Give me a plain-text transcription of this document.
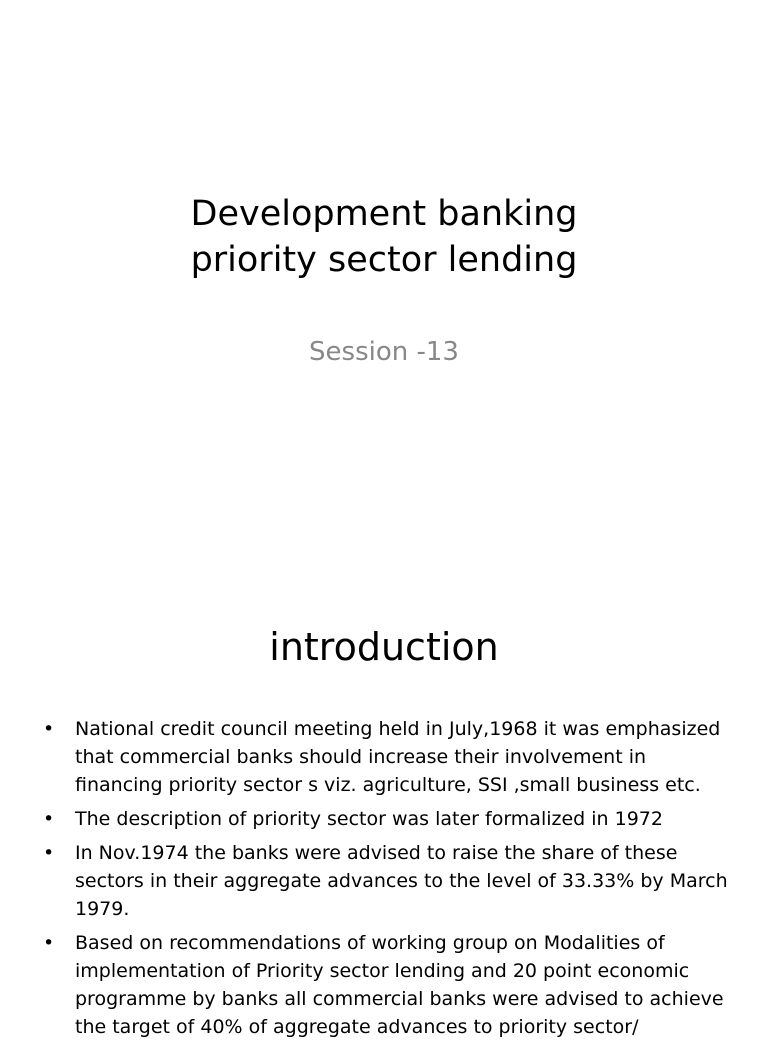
Development banking
priority sector lending
Session -13
introduction
•	National credit council meeting held in July,1968 it was emphasized that commercial banks should increase their involvement in financing priority sector s viz. agriculture, SSI ,small business etc.
•	The description of priority sector was later formalized in 1972
•	In Nov.1974 the banks were advised to raise the share of these sectors in their aggregate advances to the level of 33.33% by March 1979.
•	Based on recommendations of working group on Modalities of implementation of Priority sector lending and 20 point economic programme by banks all commercial banks were advised to achieve the target of 40% of aggregate advances to priority sector/
